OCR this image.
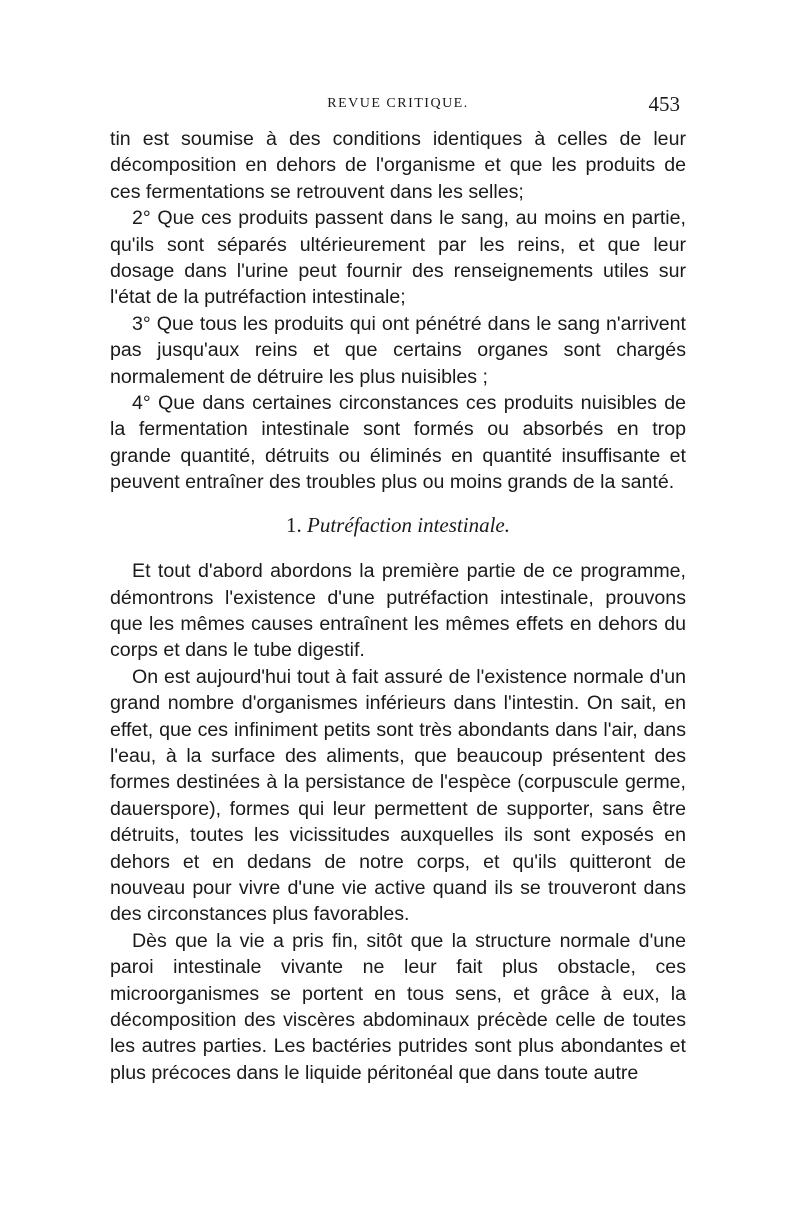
REVUE CRITIQUE.	453

tin est soumise à des conditions identiques à celles de leur décomposition en dehors de l'organisme et que les produits de ces fermentations se retrouvent dans les selles;

2° Que ces produits passent dans le sang, au moins en partie, qu'ils sont séparés ultérieurement par les reins, et que leur dosage dans l'urine peut fournir des renseignements utiles sur l'état de la putréfaction intestinale;

3° Que tous les produits qui ont pénétré dans le sang n'arrivent pas jusqu'aux reins et que certains organes sont chargés normalement de détruire les plus nuisibles ;

4° Que dans certaines circonstances ces produits nuisibles de la fermentation intestinale sont formés ou absorbés en trop grande quantité, détruits ou éliminés en quantité insuffisante et peuvent entraîner des troubles plus ou moins grands de la santé.

1. Putréfaction intestinale.

Et tout d'abord abordons la première partie de ce programme, démontrons l'existence d'une putréfaction intestinale, prouvons que les mêmes causes entraînent les mêmes effets en dehors du corps et dans le tube digestif.

On est aujourd'hui tout à fait assuré de l'existence normale d'un grand nombre d'organismes inférieurs dans l'intestin. On sait, en effet, que ces infiniment petits sont très abondants dans l'air, dans l'eau, à la surface des aliments, que beaucoup présentent des formes destinées à la persistance de l'espèce (corpuscule germe, dauerspore), formes qui leur permettent de supporter, sans être détruits, toutes les vicissitudes auxquelles ils sont exposés en dehors et en dedans de notre corps, et qu'ils quitteront de nouveau pour vivre d'une vie active quand ils se trouveront dans des circonstances plus favorables.

Dès que la vie a pris fin, sitôt que la structure normale d'une paroi intestinale vivante ne leur fait plus obstacle, ces microorganismes se portent en tous sens, et grâce à eux, la décomposition des viscères abdominaux précède celle de toutes les autres parties. Les bactéries putrides sont plus abondantes et plus précoces dans le liquide péritonéal que dans toute autre
